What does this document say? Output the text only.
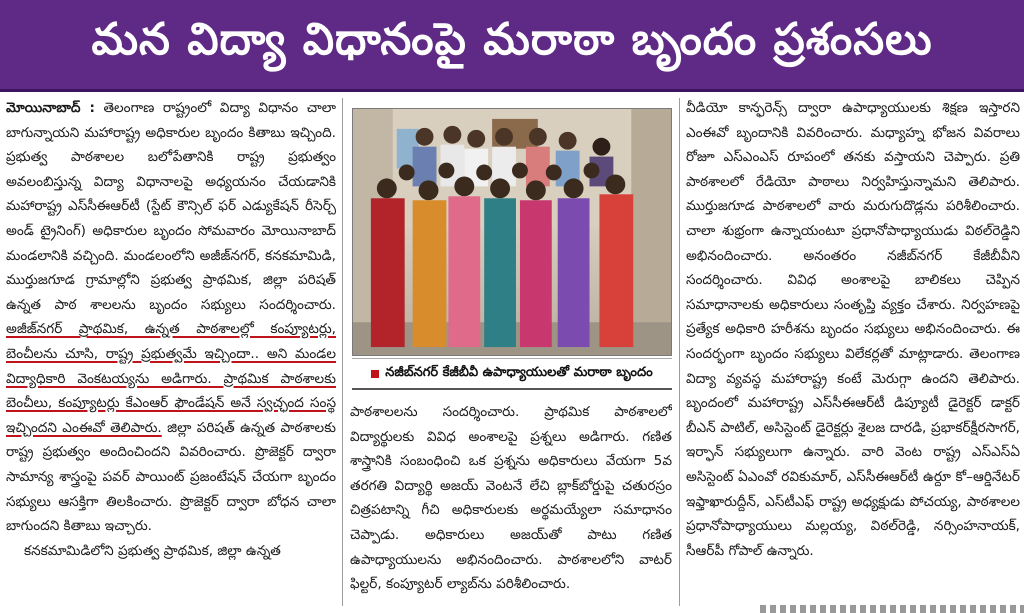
మన విద్యా విధానంపై మరాఠా బృందం ప్రశంసలు
మోయినాబాద్ : తెలంగాణ రాష్ట్రంలో విద్యా విధానం చాలా బాగున్నాయని మహారాష్ట్ర అధికారుల బృందం కితాబు ఇచ్చింది. ప్రభుత్వ పాఠశాలల బలోపేతానికి రాష్ట్ర ప్రభుత్వం అవలంబిస్తున్న విద్యా విధానాలపై అధ్యయనం చేయడానికి మహారాష్ట్ర ఎస్‌సీఈఆర్‌టీ (స్టేట్ కౌన్సిల్ ఫర్ ఎడ్యుకేషన్ రీసెర్చ్ అండ్ ట్రైనింగ్) అధికారుల బృందం సోమవారం మోయినాబాద్ మండలానికి వచ్చింది. మండలంలోని అజీజ్‌నగర్, కనకమామిడి, ముర్తుజగూడ గ్రామాల్లోని ప్రభుత్వ ప్రాథమిక, జిల్లా పరిషత్ ఉన్నత పాఠ శాలలను బృందం సభ్యులు సందర్శించారు. అజీజ్‌నగర్ ప్రాథమిక, ఉన్నత పాఠశాలల్లో కంప్యూటర్లు, బెంచీలను చూసి, రాష్ట్ర ప్రభుత్వమే ఇచ్చిందా.. అని మండల విద్యాధికారి వెంకటయ్యను అడిగారు. ప్రాథమిక పాఠశాలకు బెంచీలు, కంప్యూటర్లు కేఎంఆర్ ఫౌండేషన్ అనే స్వచ్ఛంద సంస్థ ఇచ్చిందని ఎంఈవో తెలిపారు. జిల్లా పరిషత్ ఉన్నత పాఠశాలకు రాష్ట్ర ప్రభుత్వం అందించిందని వివరించారు. ప్రొజెక్టర్ ద్వారా సామాన్య శాస్త్రంపై పవర్ పాయింట్ ప్రజంటేషన్ చేయగా బృందం సభ్యులు ఆసక్తిగా తిలకించారు. ప్రొజెక్టర్ ద్వారా బోధన చాలా బాగుందని కితాబు ఇచ్చారు.
కనకమామిడిలోని ప్రభుత్వ ప్రాథమిక, జిల్లా ఉన్నత
నజీబ్‌నగర్ కేజీబీవీ ఉపాధ్యాయులతో మరాఠా బృందం
పాఠశాలలను సందర్శించారు. ప్రాథమిక పాఠశాలలో విద్యార్థులకు వివిధ అంశాలపై ప్రశ్నలు అడిగారు. గణిత శాస్త్రానికి సంబంధించి ఒక ప్రశ్నను అధికారులు వేయగా 5వ తరగతి విద్యార్థి అజయ్ వెంటనే లేచి బ్లాక్‌బోర్డుపై చతురస్రం చిత్రపటాన్ని గీచి అధికారులకు అర్థమయ్యేలా సమాధానం చెప్పాడు. అధికారులు అజయ్‌తో పాటు గణిత ఉపాధ్యాయులను అభినందించారు. పాఠశాలలోని వాటర్ ఫిల్టర్, కంప్యూటర్ ల్యాబ్‌ను పరిశీలించారు.
వీడియో కాన్ఫరెన్స్ ద్వారా ఉపాధ్యాయులకు శిక్షణ ఇస్తారని ఎంఈవో బృందానికి వివరించారు. మధ్యాహ్న భోజన వివరాలు రోజూ ఎస్‌ఎంఎస్ రూపంలో తనకు వస్తాయని చెప్పారు. ప్రతి పాఠశాలలో రేడియో పాఠాలు నిర్వహిస్తున్నామని తెలిపారు. ముర్తుజగూడ పాఠశాలలో వారు మరుగుదొడ్లను పరిశీలించారు. చాలా శుభ్రంగా ఉన్నాయంటూ ప్రధానోపాధ్యాయుడు విఠల్‌రెడ్డిని అభినందించారు. అనంతరం నజీబ్‌నగర్ కేజీబీవీని సందర్శించారు. వివిధ అంశాలపై బాలికలు చెప్పిన సమాధానాలకు అధికారులు సంతృప్తి వ్యక్తం చేశారు. నిర్వహణపై ప్రత్యేక అధికారి హరీశను బృందం సభ్యులు అభినందించారు. ఈ సందర్భంగా బృందం సభ్యులు విలేకర్లతో మాట్లాడారు. తెలంగాణ విద్యా వ్యవస్థ మహారాష్ట్ర కంటే మెరుగ్గా ఉందని తెలిపారు. బృందంలో మహారాష్ట్ర ఎస్‌సీఈఆర్‌టీ డిప్యూటీ డైరెక్టర్ డాక్టర్ బీఎన్ పాటిల్, అసిస్టెంట్ డైరెక్టర్లు శైలజ దారడి, ప్రభాకర్‌క్షీరసాగర్, ఇర్ఫాన్ సభ్యులుగా ఉన్నారు. వారి వెంట రాష్ట్ర ఎస్‌ఎస్‌ఏ అసిస్టెంట్ ఏఎంవో రవికుమార్, ఎస్‌సీఈఆర్‌టీ ఉర్దూ కో–ఆర్డినేటర్ ఇఫ్తాఖారుద్దీన్, ఎస్‌టీఎఫ్ రాష్ట్ర అధ్యక్షుడు పోచయ్య, పాఠశాలల ప్రధానోపాధ్యాయులు మల్లయ్య, విఠల్‌రెడ్డి, నర్సింహనాయక్, సీఆర్‌పీ గోపాల్ ఉన్నారు.
